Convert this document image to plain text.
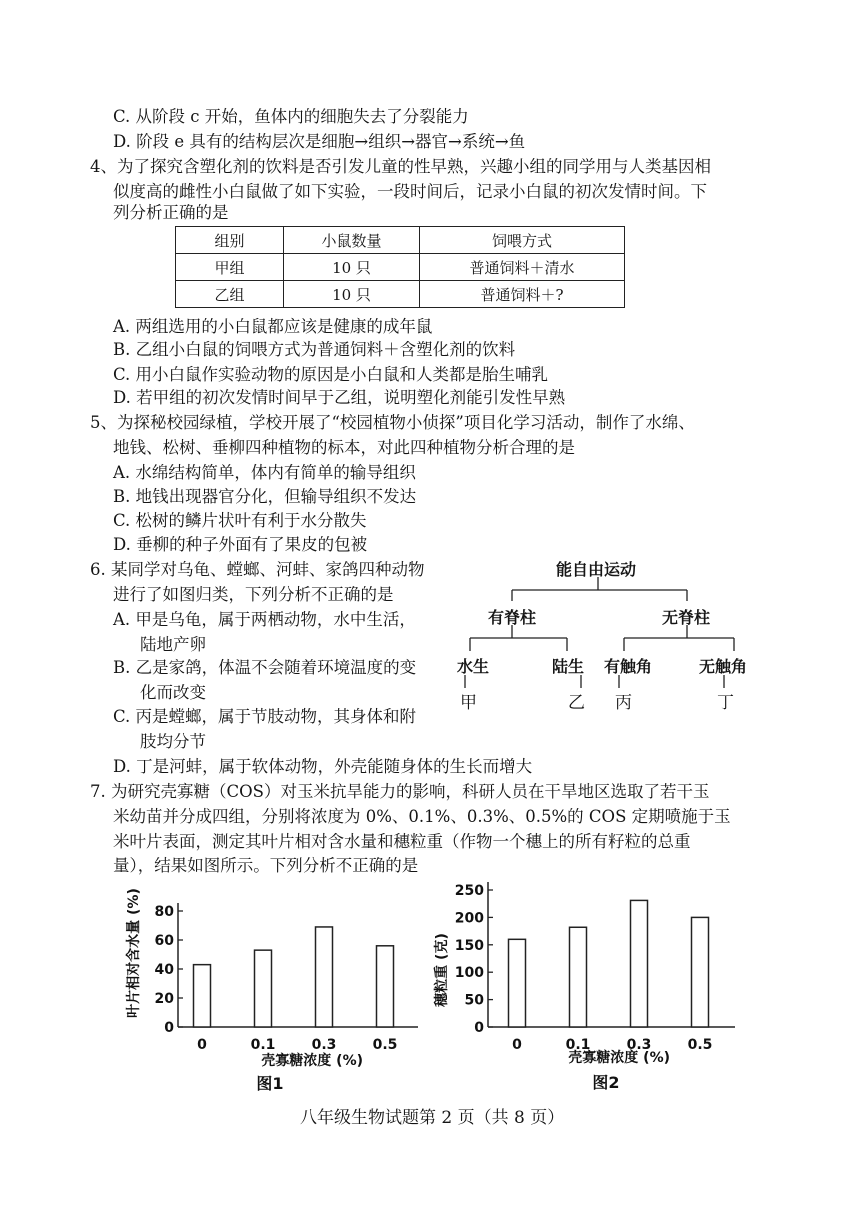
C. 从阶段 c 开始，鱼体内的细胞失去了分裂能力
D. 阶段 e 具有的结构层次是细胞→组织→器官→系统→鱼
4、为了探究含塑化剂的饮料是否引发儿童的性早熟，兴趣小组的同学用与人类基因相
似度高的雌性小白鼠做了如下实验，一段时间后，记录小白鼠的初次发情时间。下
列分析正确的是
组别	小鼠数量	饲喂方式
甲组	10 只	普通饲料＋清水
乙组	10 只	普通饲料＋?
A. 两组选用的小白鼠都应该是健康的成年鼠
B. 乙组小白鼠的饲喂方式为普通饲料＋含塑化剂的饮料
C. 用小白鼠作实验动物的原因是小白鼠和人类都是胎生哺乳
D. 若甲组的初次发情时间早于乙组，说明塑化剂能引发性早熟
5、为探秘校园绿植，学校开展了“校园植物小侦探”项目化学习活动，制作了水绵、
地钱、松树、垂柳四种植物的标本，对此四种植物分析合理的是
A. 水绵结构简单，体内有简单的输导组织
B. 地钱出现器官分化，但输导组织不发达
C. 松树的鳞片状叶有利于水分散失
D. 垂柳的种子外面有了果皮的包被
6. 某同学对乌龟、螳螂、河蚌、家鸽四种动物
进行了如图归类，下列分析不正确的是
A. 甲是乌龟，属于两栖动物，水中生活，
陆地产卵
B. 乙是家鸽，体温不会随着环境温度的变
化而改变
C. 丙是螳螂，属于节肢动物，其身体和附
肢均分节
D. 丁是河蚌，属于软体动物，外壳能随身体的生长而增大
能自由运动
有脊柱	无脊柱
水生	陆生 有触角	无触角
甲	乙 丙	丁
7. 为研究壳寡糖（COS）对玉米抗旱能力的影响，科研人员在干旱地区选取了若干玉
米幼苗并分成四组，分别将浓度为 0%、0.1%、0.3%、0.5%的 COS 定期喷施于玉
米叶片表面，测定其叶片相对含水量和穗粒重（作物一个穗上的所有籽粒的总重
量），结果如图所示。下列分析不正确的是
0
20
40
60
80
0	0.1	0.3	0.5
叶片相对含水量 (%)
壳寡糖浓度 (%)
图1
0
50
100
150
200
250
0	0.1	0.3	0.5
穗粒重 (克)
壳寡糖浓度 (%)
图2
八年级生物试题第 2 页（共 8 页）
